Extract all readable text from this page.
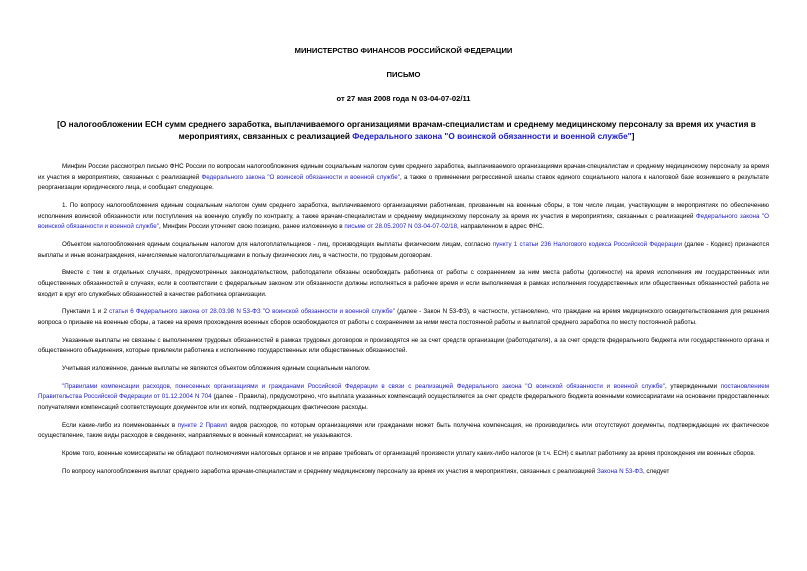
МИНИСТЕРСТВО ФИНАНСОВ РОССИЙСКОЙ ФЕДЕРАЦИИ
ПИСЬМО
от 27 мая 2008 года N 03-04-07-02/11
[О налогообложении ЕСН сумм среднего заработка, выплачиваемого организациями врачам-специалистам и среднему медицинскому персоналу за время их участия в мероприятиях, связанных с реализацией Федерального закона "О воинской обязанности и военной службе"]

Минфин России рассмотрел письмо ФНС России по вопросам налогообложения единым социальным налогом сумм среднего заработка, выплачиваемого организациями врачам-специалистам и среднему медицинскому персоналу за время их участия в мероприятиях, связанных с реализацией Федерального закона "О воинской обязанности и военной службе", а также о применении регрессивной шкалы ставок единого социального налога к налоговой базе возникшего в результате реорганизации юридического лица, и сообщает следующее.

1. По вопросу налогообложения единым социальным налогом сумм среднего заработка, выплачиваемого организациями работникам, призванным на военные сборы, в том числе лицам, участвующим в мероприятиях по обеспечению исполнения воинской обязанности или поступления на военную службу по контракту, а также врачам-специалистам и среднему медицинскому персоналу за время их участия в мероприятиях, связанных с реализацией Федерального закона "О воинской обязанности и военной службе", Минфин России уточняет свою позицию, ранее изложенную в письме от 28.05.2007 N 03-04-07-02/18, направленном в адрес ФНС.

Объектом налогообложения единым социальным налогом для налогоплательщиков - лиц, производящих выплаты физическим лицам, согласно пункту 1 статьи 236 Налогового кодекса Российской Федерации (далее - Кодекс) признаются выплаты и иные вознаграждения, начисляемые налогоплательщиками в пользу физических лиц, в частности, по трудовым договорам.

Вместе с тем в отдельных случаях, предусмотренных законодательством, работодатели обязаны освобождать работника от работы с сохранением за ним места работы (должности) на время исполнения им государственных или общественных обязанностей в случаях, если в соответствии с федеральным законом эти обязанности должны исполняться в рабочее время и если выполняемая в рамках исполнения государственных или общественных обязанностей работа не входит в круг его служебных обязанностей в качестве работника организации.

Пунктами 1 и 2 статьи 6 Федерального закона от 28.03.98 N 53-ФЗ "О воинской обязанности и военной службе" (далее - Закон N 53-ФЗ), в частности, установлено, что граждане на время медицинского освидетельствования для решения вопроса о призыве на военные сборы, а также на время прохождения военных сборов освобождаются от работы с сохранением за ними места постоянной работы и выплатой среднего заработка по месту постоянной работы.

Указанные выплаты не связаны с выполнением трудовых обязанностей в рамках трудовых договоров и производятся не за счет средств организации (работодателя), а за счет средств федерального бюджета или государственного органа и общественного объединения, которые привлекли работника к исполнению государственных или общественных обязанностей.

Учитывая изложенное, данные выплаты не являются объектом обложения единым социальным налогом.

"Правилами компенсации расходов, понесенных организациями и гражданами Российской Федерации в связи с реализацией Федерального закона "О воинской обязанности и военной службе", утвержденными постановлением Правительства Российской Федерации от 01.12.2004 N 704 (далее - Правила), предусмотрено, что выплата указанных компенсаций осуществляется за счет средств федерального бюджета военными комиссариатами на основании предоставленных получателями компенсаций соответствующих документов или их копий, подтверждающих фактические расходы.

Если какие-либо из поименованных в пункте 2 Правил видов расходов, по которым организациями или гражданами может быть получена компенсация, не производились или отсутствуют документы, подтверждающие их фактическое осуществление, такие виды расходов в сведениях, направляемых в военный комиссариат, не указываются.

Кроме того, военные комиссариаты не обладают полномочиями налоговых органов и не вправе требовать от организаций произвести уплату каких-либо налогов (в т.ч. ЕСН) с выплат работнику за время прохождения им военных сборов.

По вопросу налогообложения выплат среднего заработка врачам-специалистам и среднему медицинскому персоналу за время их участия в мероприятиях, связанных с реализацией Закона N 53-ФЗ, следует
